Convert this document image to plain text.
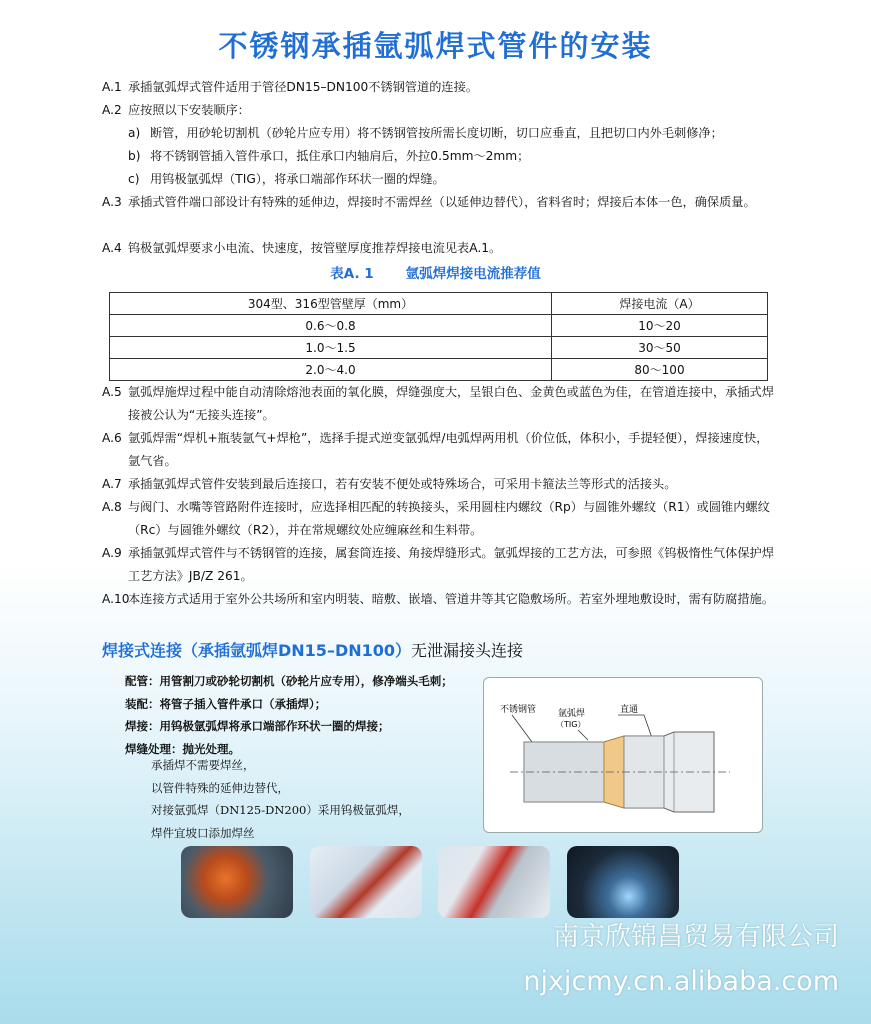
不锈钢承插氩弧焊式管件的安装
A.1 承插氩弧焊式管件适用于管径DN15–DN100不锈钢管道的连接。
A.2 应按照以下安装顺序：
a) 断管，用砂轮切割机（砂轮片应专用）将不锈钢管按所需长度切断，切口应垂直，且把切口内外毛刺修净；
b) 将不锈钢管插入管件承口，抵住承口内轴肩后，外拉0.5mm～2mm；
c) 用钨极氩弧焊（TIG），将承口端部作环状一圈的焊缝。
A.3 承插式管件端口部设计有特殊的延伸边，焊接时不需焊丝（以延伸边替代），省料省时；焊接后本体一色，确保质量。
A.4 钨极氩弧焊要求小电流、快速度，按管壁厚度推荐焊接电流见表A.1。
表A. 1 氩弧焊焊接电流推荐值
304型、316型管壁厚（mm）	焊接电流（A）
0.6～0.8	10～20
1.0～1.5	30～50
2.0～4.0	80～100
A.5 氩弧焊施焊过程中能自动清除熔池表面的氧化膜，焊缝强度大，呈银白色、金黄色或蓝色为佳，在管道连接中，承插式焊接被公认为“无接头连接”。
A.6 氩弧焊需“焊机+瓶装氩气+焊枪”，选择手提式逆变氩弧焊/电弧焊两用机（价位低，体积小，手提轻便），焊接速度快，氩气省。
A.7 承插氩弧焊式管件安装到最后连接口，若有安装不便处或特殊场合，可采用卡箍法兰等形式的活接头。
A.8 与阀门、水嘴等管路附件连接时，应选择相匹配的转换接头，采用圆柱内螺纹（Rp）与圆锥外螺纹（R1）或圆锥内螺纹（Rc）与圆锥外螺纹（R2），并在常规螺纹处应缠麻丝和生料带。
A.9 承插氩弧焊式管件与不锈钢管的连接，属套筒连接、角接焊缝形式。氩弧焊接的工艺方法，可参照《钨极惰性气体保护焊工艺方法》JB/Z 261。
A.10
本连接方式适用于室外公共场所和室内明装、暗敷、嵌墙、管道井等其它隐敷场所。若室外埋地敷设时，需有防腐措施。
焊接式连接（承插氩弧焊DN15–DN100）无泄漏接头连接
配管：用管割刀或砂轮切割机（砂轮片应专用），修净端头毛刺；
装配：将管子插入管件承口（承插焊）；
焊接：用钨极氩弧焊将承口端部作环状一圈的焊接；
焊缝处理：抛光处理。
承插焊不需要焊丝，
以管件特殊的延伸边替代，
对接氩弧焊（DN125-DN200）采用钨极氩弧焊，
焊件宜坡口添加焊丝
不锈钢管 氩弧焊
（TIG）
直通
南京欣锦昌贸易有限公司
njxjcmy.cn.alibaba.com
